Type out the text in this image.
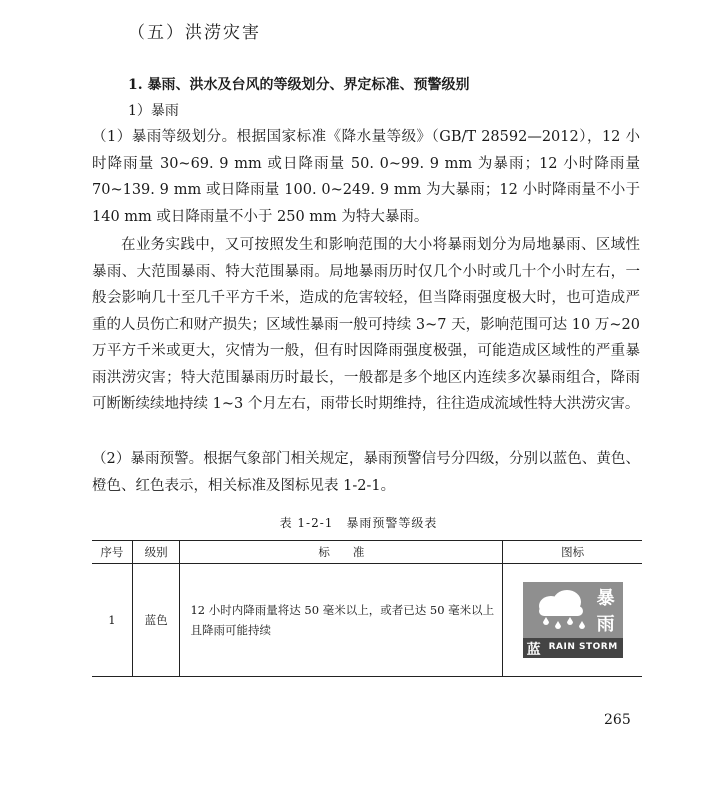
（五）洪涝灾害
1. 暴雨、洪水及台风的等级划分、界定标准、预警级别
1）暴雨
（1）暴雨等级划分。根据国家标准《降水量等级》（GB/T 28592—2012），12 小时降雨量 30~69. 9 mm 或日降雨量 50. 0~99. 9 mm 为暴雨；12 小时降雨量 70~139. 9 mm 或日降雨量 100. 0~249. 9 mm 为大暴雨；12 小时降雨量不小于 140 mm 或日降雨量不小于 250 mm 为特大暴雨。
在业务实践中，又可按照发生和影响范围的大小将暴雨划分为局地暴雨、区域性暴雨、大范围暴雨、特大范围暴雨。局地暴雨历时仅几个小时或几十个小时左右，一般会影响几十至几千平方千米，造成的危害较轻，但当降雨强度极大时，也可造成严重的人员伤亡和财产损失；区域性暴雨一般可持续 3~7 天，影响范围可达 10 万~20 万平方千米或更大，灾情为一般，但有时因降雨强度极强，可能造成区域性的严重暴雨洪涝灾害；特大范围暴雨历时最长，一般都是多个地区内连续多次暴雨组合，降雨可断断续续地持续 1~3 个月左右，雨带长时期维持，往往造成流域性特大洪涝灾害。
（2）暴雨预警。根据气象部门相关规定，暴雨预警信号分四级，分别以蓝色、黄色、橙色、红色表示，相关标准及图标见表 1-2-1。
表 1-2-1　暴雨预警等级表
序号	级别	标　　准	图标
1	蓝色	12 小时内降雨量将达 50 毫米以上，或者已达 50 毫米以上且降雨可能持续	暴
雨
蓝 RAIN STORM
265
